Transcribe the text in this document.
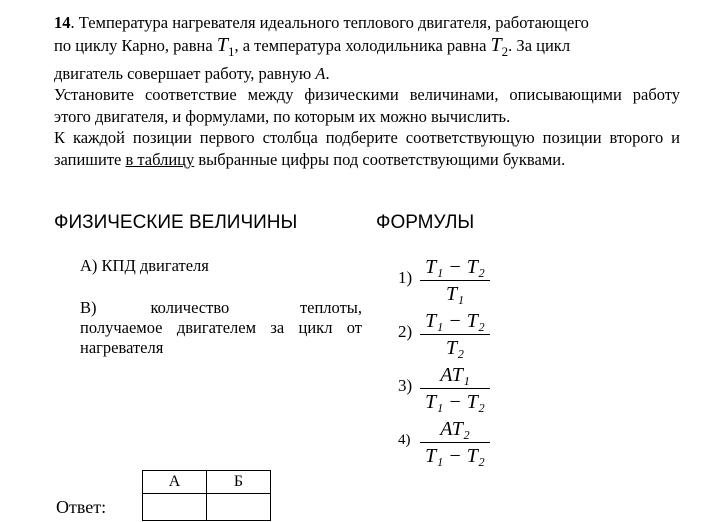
14. Температура нагревателя идеального теплового двигателя, работающего
по циклу Карно, равна $T_1$, а температура холодильника равна $T_2$. За цикл
двигатель совершает работу, равную A.
Установите соответствие между физическими величинами, описывающими работу этого двигателя, и формулами, по которым их можно вычислить.
К каждой позиции первого столбца подберите соответствующую позиции второго и запишите в таблицу выбранные цифры под соответствующими буквами.
ФИЗИЧЕСКИЕ ВЕЛИЧИНЫ	ФОРМУЛЫ
А) КПД двигателя
В)	количество теплоты, получаемое двигателем за цикл от нагревателя
1) T₁ − T₂
T₁
2) T₁ − T₂
T₂
3)	AT₁
T₁ − T₂
4)	AT₂
T₁ − T₂
Ответ:
А	Б
